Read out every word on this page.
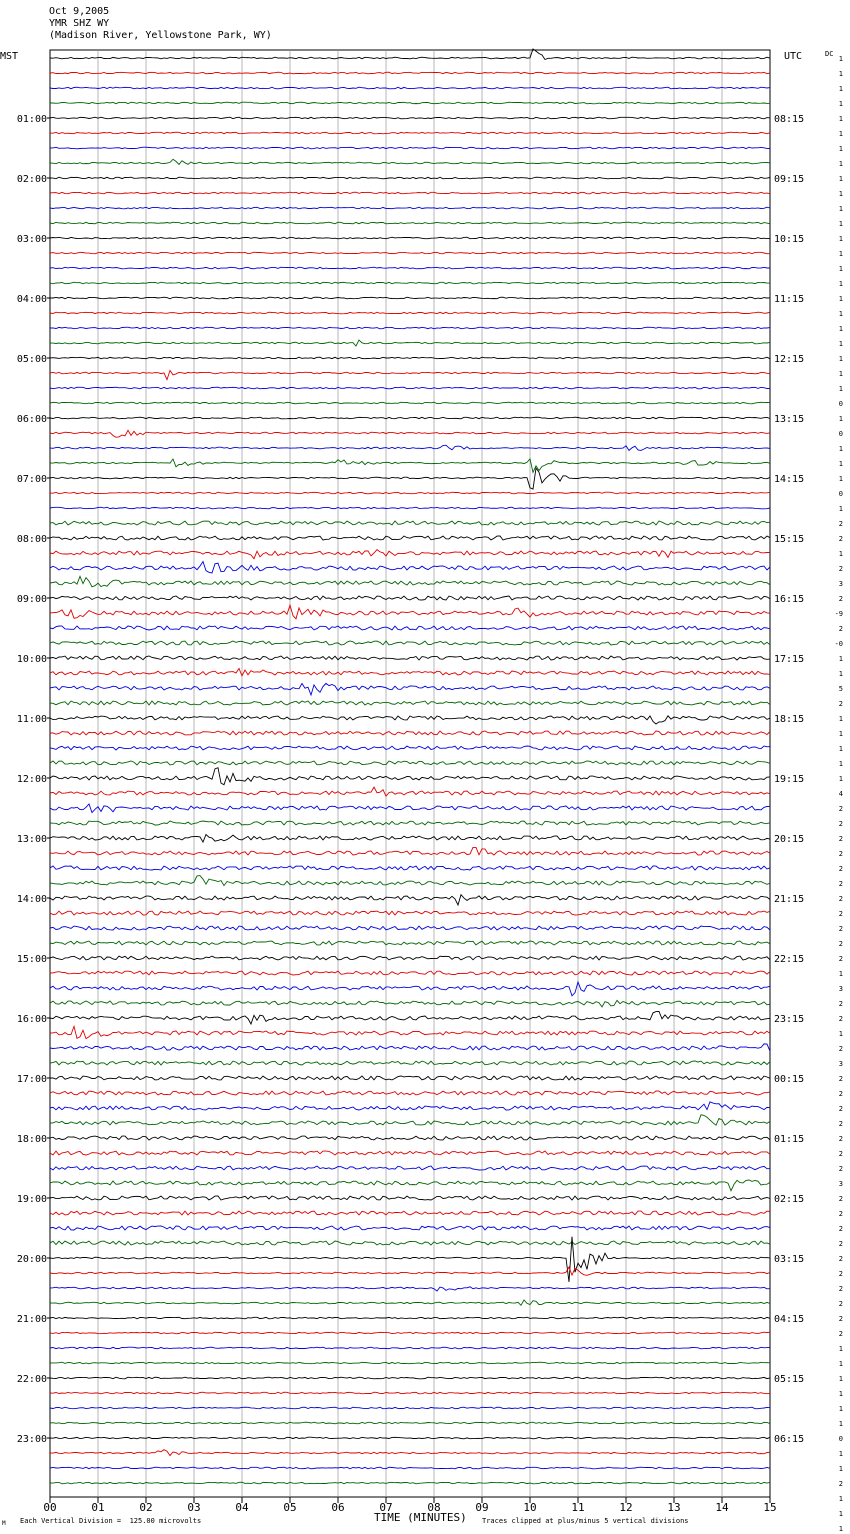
Oct 9,2005
YMR SHZ WY
(Madison River, Yellowstone Park, WY)
MST	UTC	DC
00	01	02	03	04	05	06	07	08	09	10	11	12	13	14	15
01:00
02:00
03:00
04:00
05:00
06:00
07:00
08:00
09:00
10:00
11:00
12:00
13:00
14:00
15:00
16:00
17:00
18:00
19:00
20:00
21:00
22:00
23:00
08:15
09:15
10:15
11:15
12:15
13:15
14:15
15:15
16:15
17:15
18:15
19:15
20:15
21:15
22:15
23:15
00:15
01:15
02:15
03:15
04:15
05:15
06:15
1
1
1
1
1
1
1
1
1
1
1
1
1
1
1
1
1
1
1
1
1
1
1
0
1
0
1
1
1
0
1
2
2
1
2
3
2
-9
2
-0
1
1
5
2
1
1
1
1
1
4
2
2
2
2
2
2
2
2
2
2
2
1
3
2
2
1
2
3
2
2
2
2
2
2
2
3
2
2
2
2
2
2
2
2
2
2
1
1
1
1
1
1
0
1
1
2
1
1
1
TIME (MINUTES)
Each Vertical Division =  125.00 microvolts	Traces clipped at plus/minus 5 vertical divisions
M
